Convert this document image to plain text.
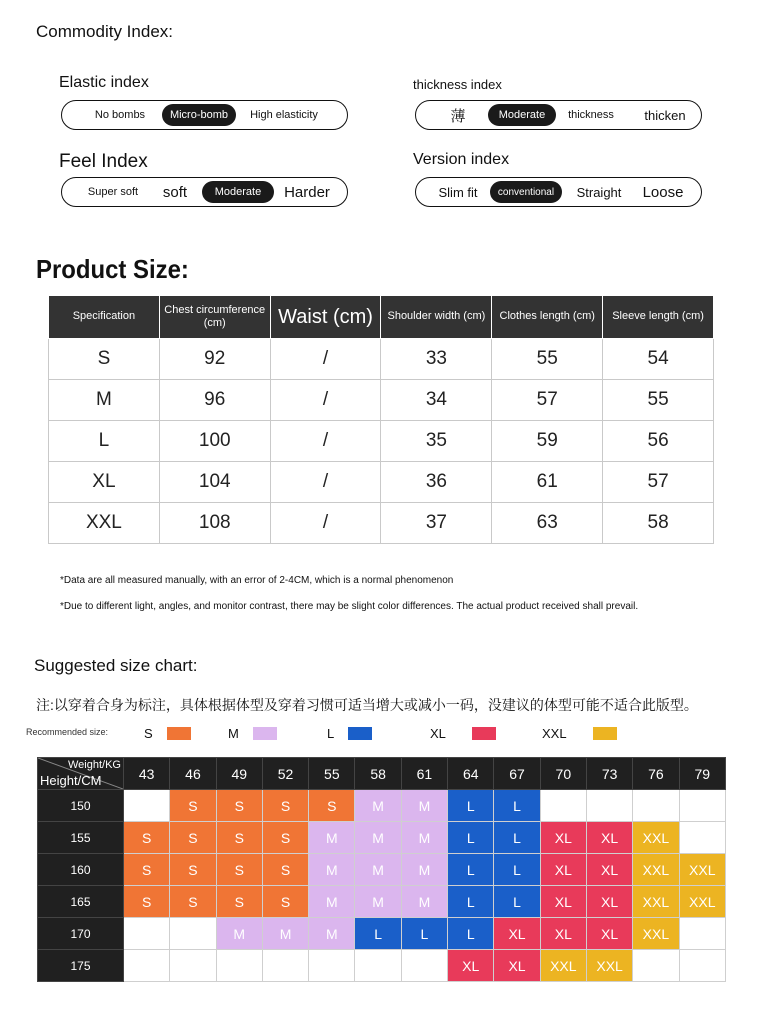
Commodity Index:
Elastic index
No bombs	Micro-bomb	High elasticity
thickness index
薄	Moderate	thickness	thicken
Feel Index
Super soft	soft	Moderate	Harder
Version index
Slim fit	conventional	Straight	Loose
Product Size:
Specification	Chest circumference (cm)	Waist (cm)	Shoulder width (cm)	Clothes length (cm)	Sleeve length (cm)
S	92	/	33	55	54
M	96	/	34	57	55
L	100	/	35	59	56
XL	104	/	36	61	57
XXL	108	/	37	63	58
*Data are all measured manually, with an error of 2-4CM, which is a normal phenomenon
*Due to different light, angles, and monitor contrast, there may be slight color differences. The actual product received shall prevail.
Suggested size chart:
注:以穿着合身为标注，具体根据体型及穿着习惯可适当增大或减小一码，没建议的体型可能不适合此版型。
Recommended size:	S	M	L	XL	XXL
Weight/KG
Height/CM	43	46	49	52	55	58	61	64	67	70	73	76	79
150		S	S	S	S	M	M	L	L				
155	S	S	S	S	M	M	M	L	L	XL	XL	XXL	
160	S	S	S	S	M	M	M	L	L	XL	XL	XXL	XXL
165	S	S	S	S	M	M	M	L	L	XL	XL	XXL	XXL
170			M	M	M	L	L	L	XL	XL	XL	XXL	
175								XL	XL	XXL	XXL		
